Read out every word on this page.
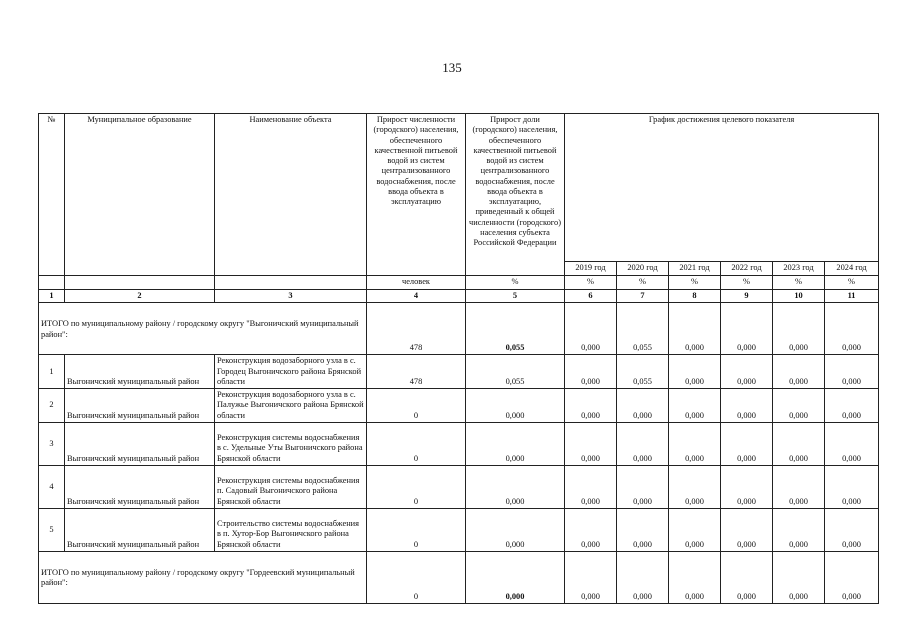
135
№	Муниципальное образование	Наименование объекта	Прирост численности (городского) населения, обеспеченного качественной питьевой водой из систем централизованного водоснабжения, после ввода объекта в эксплуатацию	Прирост доли (городского) населения, обеспеченного качественной питьевой водой из систем централизованного водоснабжения, после ввода объекта в эксплуатацию, приведенный к общей численности (городского) населения субъекта Российской Федерации	График достижения целевого показателя					
					2019 год	2020 год	2021 год	2022 год	2023 год	2024 год
			человек	%	%	%	%	%	%	%
1	2	3	4	5	6	7	8	9	10	11
ИТОГО по муниципальному району / городскому округу "Выгоничский муниципальный район":			478	0,055	0,000	0,055	0,000	0,000	0,000	0,000
1	Выгоничский муниципальный район	Реконструкция водозаборного узла в с. Городец Выгоничского района Брянской области	478	0,055	0,000	0,055	0,000	0,000	0,000	0,000
2	Выгоничский муниципальный район	Реконструкция водозаборного узла в с. Палужье Выгоничского района Брянской области	0	0,000	0,000	0,000	0,000	0,000	0,000	0,000
3	Выгоничский муниципальный район	Реконструкция системы водоснабжения в с. Удельные Уты Выгоничского района Брянской области	0	0,000	0,000	0,000	0,000	0,000	0,000	0,000
4	Выгоничский муниципальный район	Реконструкция системы водоснабжения п. Садовый Выгоничского района Брянской области	0	0,000	0,000	0,000	0,000	0,000	0,000	0,000
5	Выгоничский муниципальный район	Строительство системы водоснабжения в п. Хутор-Бор Выгоничского района Брянской области	0	0,000	0,000	0,000	0,000	0,000	0,000	0,000
ИТОГО по муниципальному району / городскому округу "Гордеевский муниципальный район":			0	0,000	0,000	0,000	0,000	0,000	0,000	0,000
